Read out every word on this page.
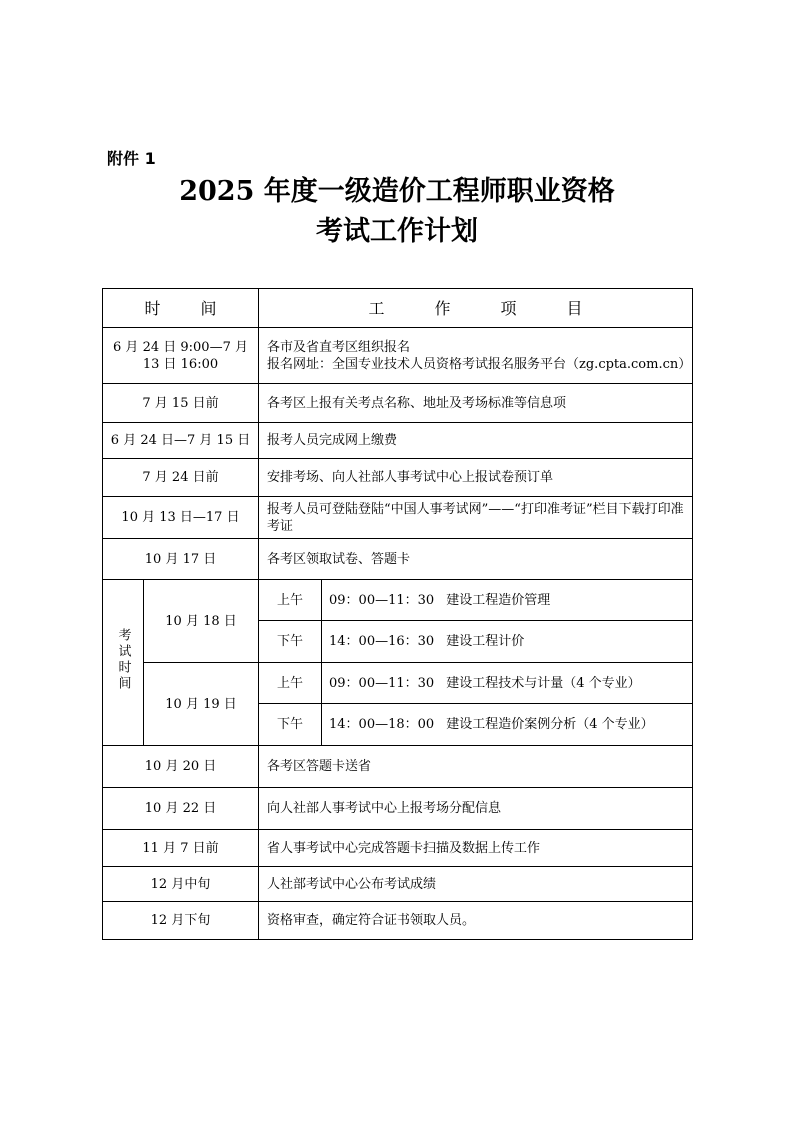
附件 1
2025 年度一级造价工程师职业资格
考试工作计划
时间		工作项目	
6 月 24 日 9:00—7 月 13 日 16:00		各市及省直考区组织报名
报名网址：全国专业技术人员资格考试报名服务平台（zg.cpta.com.cn）	

7 月 15 日前		各考区上报有关考点名称、地址及考场标准等信息项	
6 月 24 日—7 月 15 日		报考人员完成网上缴费	
7 月 24 日前		安排考场、向人社部人事考试中心上报试卷预订单	
10 月 13 日—17 日		报考人员可登陆登陆“中国人事考试网”——“打印准考证”栏目下载打印准考证	
10 月 17 日		各考区领取试卷、答题卡	
考试时间	10 月 18 日	上午	09：00—11：30 建设工程造价管理
		下午	14：00—16：30 建设工程计价
	10 月 19 日	上午	09：00—11：30 建设工程技术与计量（4 个专业）
		下午	14：00—18：00 建设工程造价案例分析（4 个专业）
10 月 20 日		各考区答题卡送省	
10 月 22 日		向人社部人事考试中心上报考场分配信息	
11 月 7 日前		省人事考试中心完成答题卡扫描及数据上传工作	
12 月中旬		人社部考试中心公布考试成绩	
12 月下旬		资格审查，确定符合证书领取人员。	
